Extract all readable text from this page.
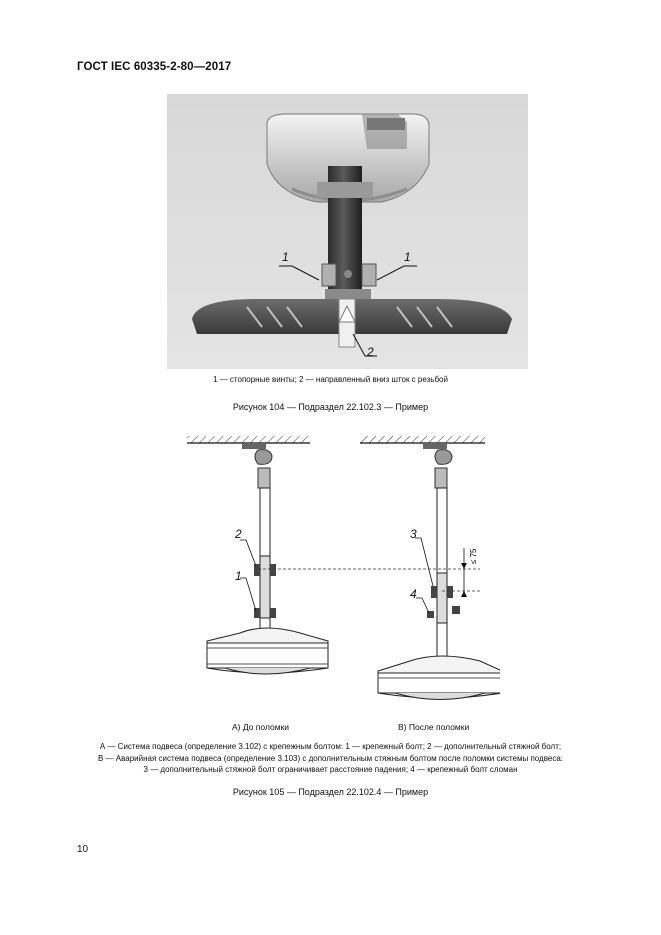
ГОСТ IEC 60335-2-80—2017
1	1
2
1 — стопорные винты; 2 — направленный вниз шток с резьбой
Рисунок 104 — Подраздел 22.102.3 — Пример
≤ 75
2
1
3
4
А) До поломки	В) После поломки
А — Система подвеса (определение 3.102) с крепежным болтом: 1 — крепежный болт; 2 — дополнительный стяжной болт;
В — Аварийная система подвеса (определение 3.103) с дополнительным стяжным болтом после поломки системы подвеса:
3 — дополнительный стяжной болт ограничивает расстояние падения; 4 — крепежный болт сломан
Рисунок 105 — Подраздел 22.102.4 — Пример
10
